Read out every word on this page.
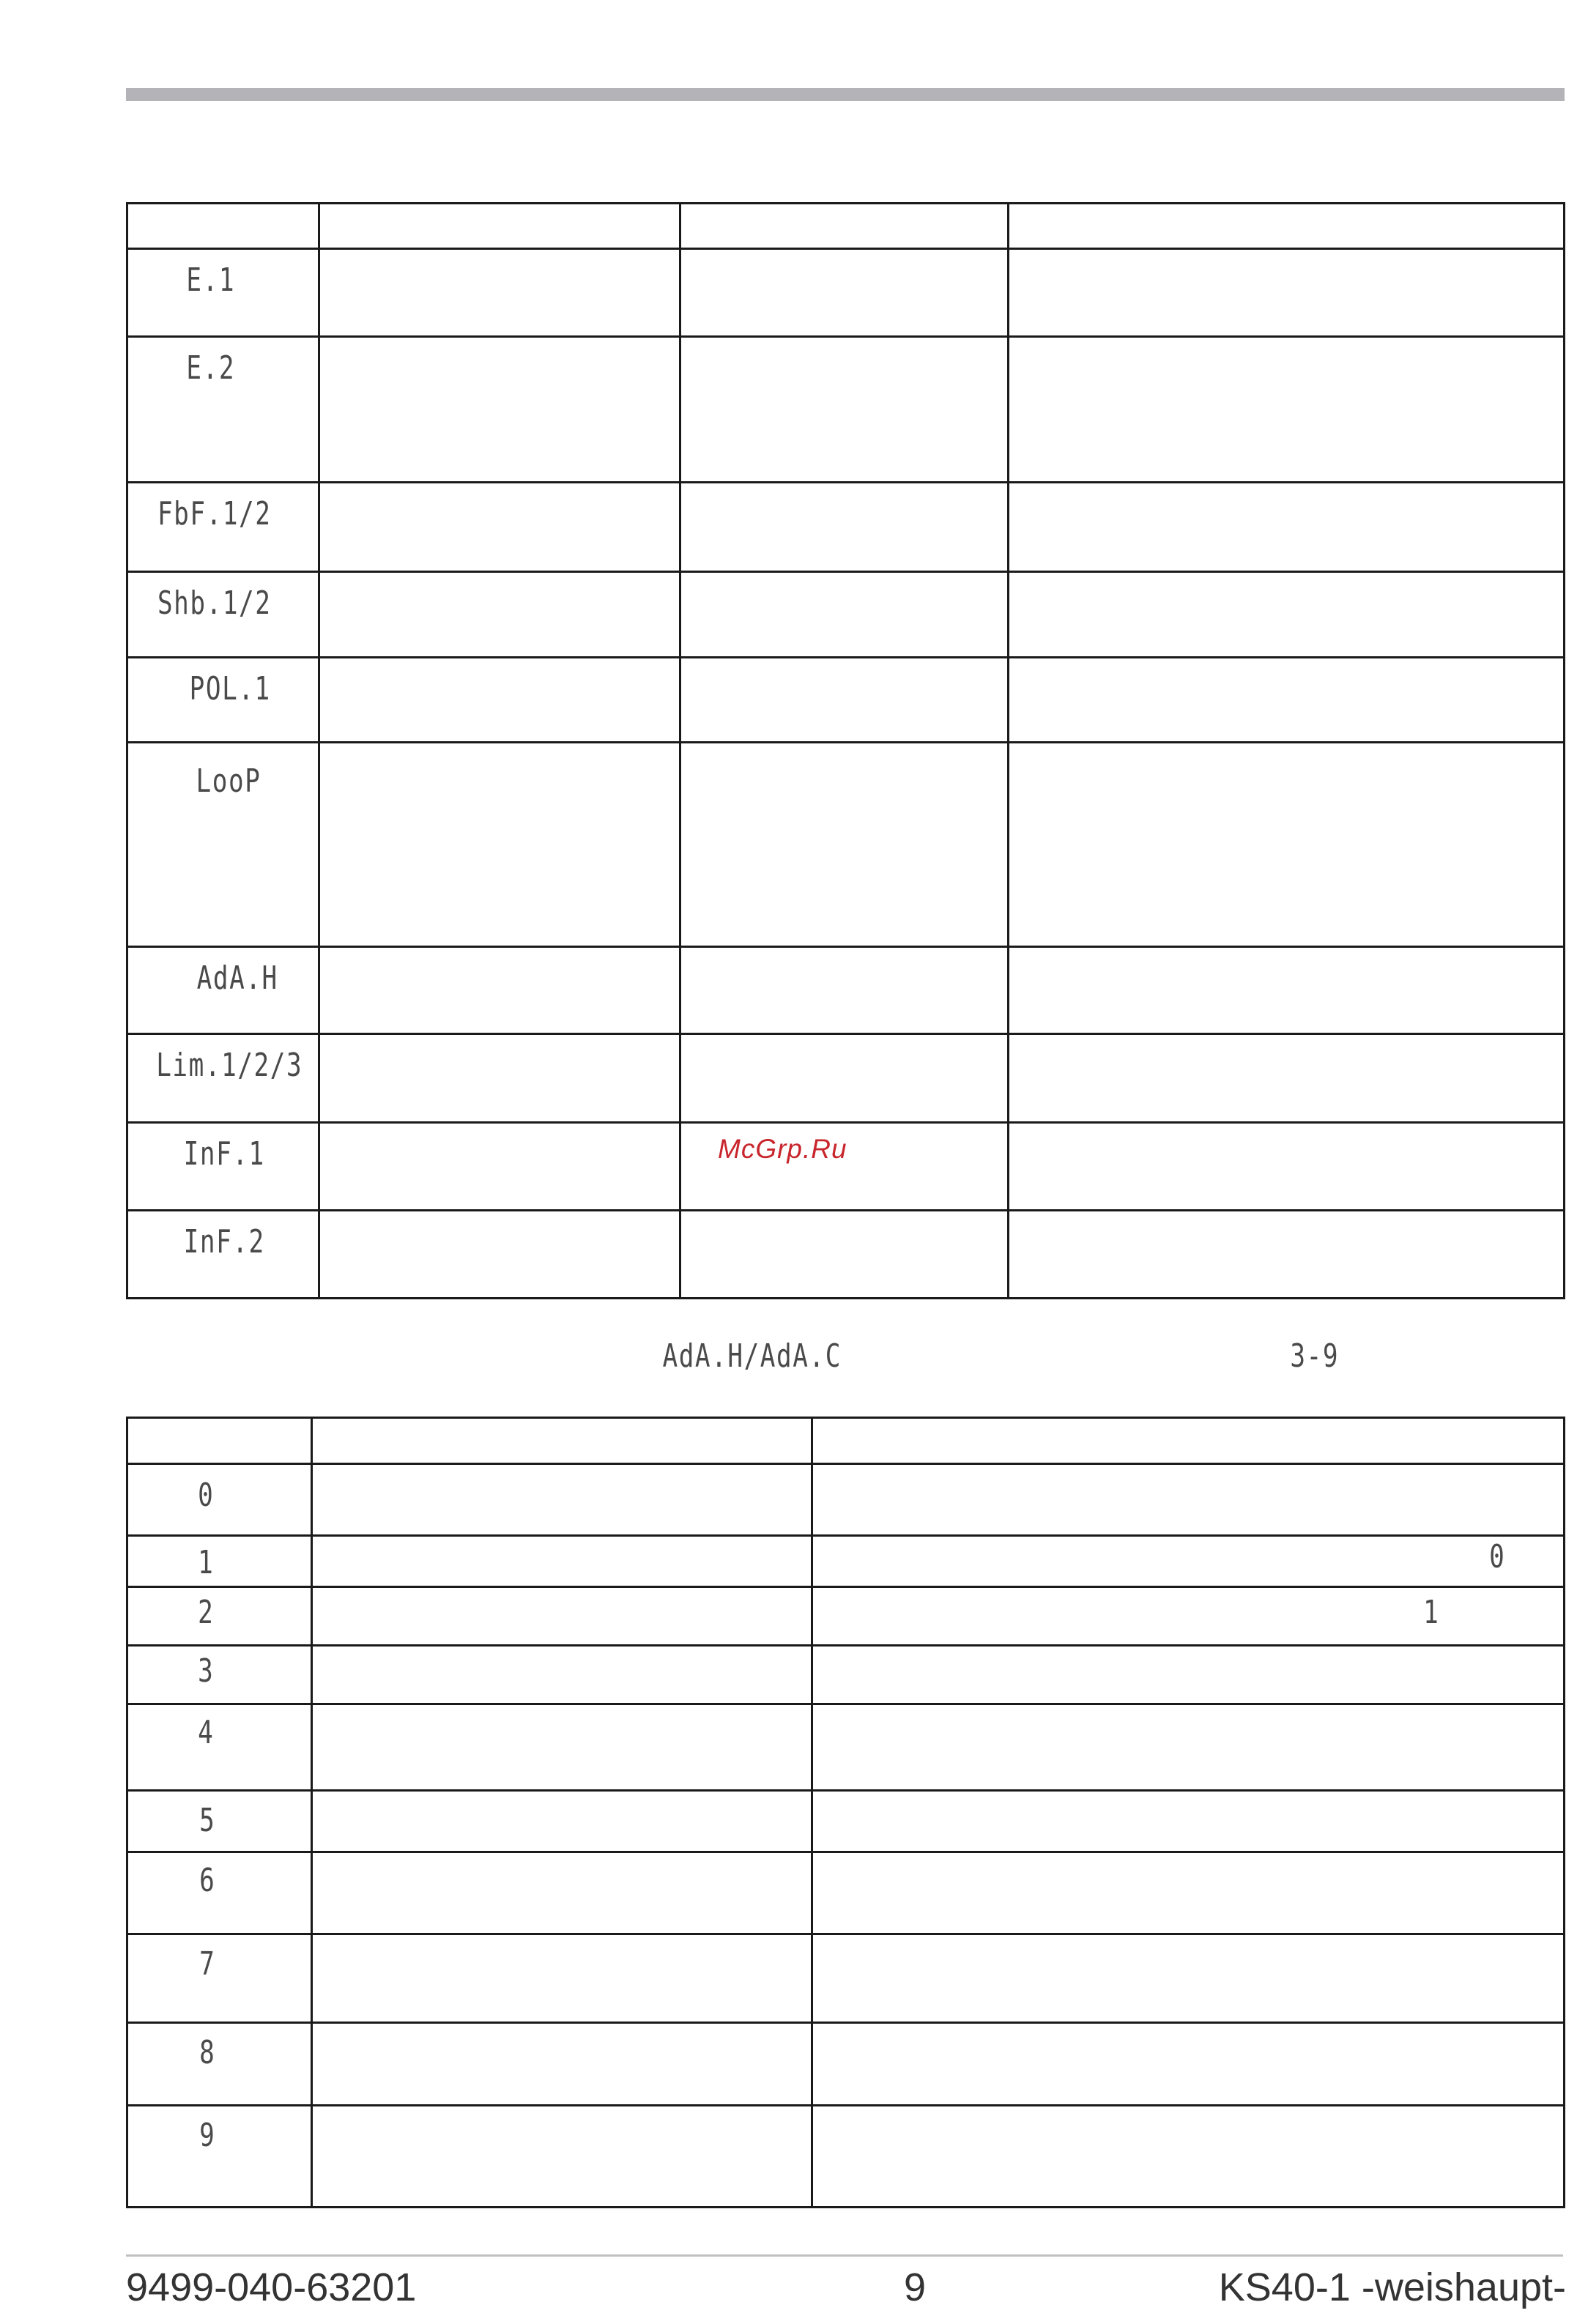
E.1			

E.2			

FbF.1/2			

Shb.1/2			

POL.1			

LooP			

AdA.H			

Lim.1/2/3			

InF.1			

InF.2			

McGrp.Ru
AdA.H/AdA.C	3-9

0		

1		0

2		1

3		

4		

5		

6		

7		

8		

9		

9499-040-63201	9	KS40-1 -weishaupt-
